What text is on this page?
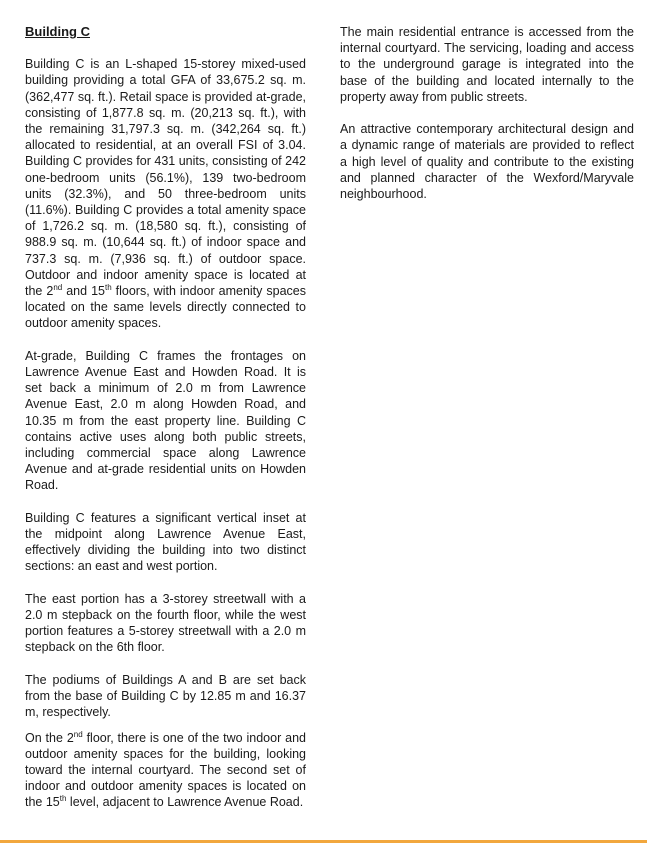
Building C

Building C is an L-shaped 15-storey mixed-used building providing a total GFA of 33,675.2 sq. m. (362,477 sq. ft.). Retail space is provided at-grade, consisting of 1,877.8 sq. m. (20,213 sq. ft.), with the remaining 31,797.3 sq. m. (342,264 sq. ft.) allocated to residential, at an overall FSI of 3.04. Building C provides for 431 units, consisting of 242 one-bedroom units (56.1%), 139 two-bedroom units (32.3%), and 50 three-bedroom units (11.6%). Building C provides a total amenity space of 1,726.2 sq. m. (18,580 sq. ft.), consisting of 988.9 sq. m. (10,644 sq. ft.) of indoor space and 737.3 sq. m. (7,936 sq. ft.) of outdoor space. Outdoor and indoor amenity space is located at the 2nd and 15th floors, with indoor amenity spaces located on the same levels directly connected to outdoor amenity spaces.

At-grade, Building C frames the frontages on Lawrence Avenue East and Howden Road. It is set back a minimum of 2.0 m from Lawrence Avenue East, 2.0 m along Howden Road, and 10.35 m from the east property line. Building C contains active uses along both public streets, including commercial space along Lawrence Avenue and at-grade residential units on Howden Road.

Building C features a significant vertical inset at the midpoint along Lawrence Avenue East, effectively dividing the building into two distinct sections: an east and west portion.

The east portion has a 3-storey streetwall with a 2.0 m stepback on the fourth floor, while the west portion features a 5-storey streetwall with a 2.0 m stepback on the 6th floor.

The podiums of Buildings A and B are set back from the base of Building C by 12.85 m and 16.37 m, respectively.

On the 2nd floor, there is one of the two indoor and outdoor amenity spaces for the building, looking toward the internal courtyard. The second set of indoor and outdoor amenity spaces is located on the 15th level, adjacent to Lawrence Avenue Road.

The main residential entrance is accessed from the internal courtyard. The servicing, loading and access to the underground garage is integrated into the base of the building and located internally to the property away from public streets.

An attractive contemporary architectural design and a dynamic range of materials are provided to reflect a high level of quality and contribute to the existing and planned character of the Wexford/Maryvale neighbourhood.
